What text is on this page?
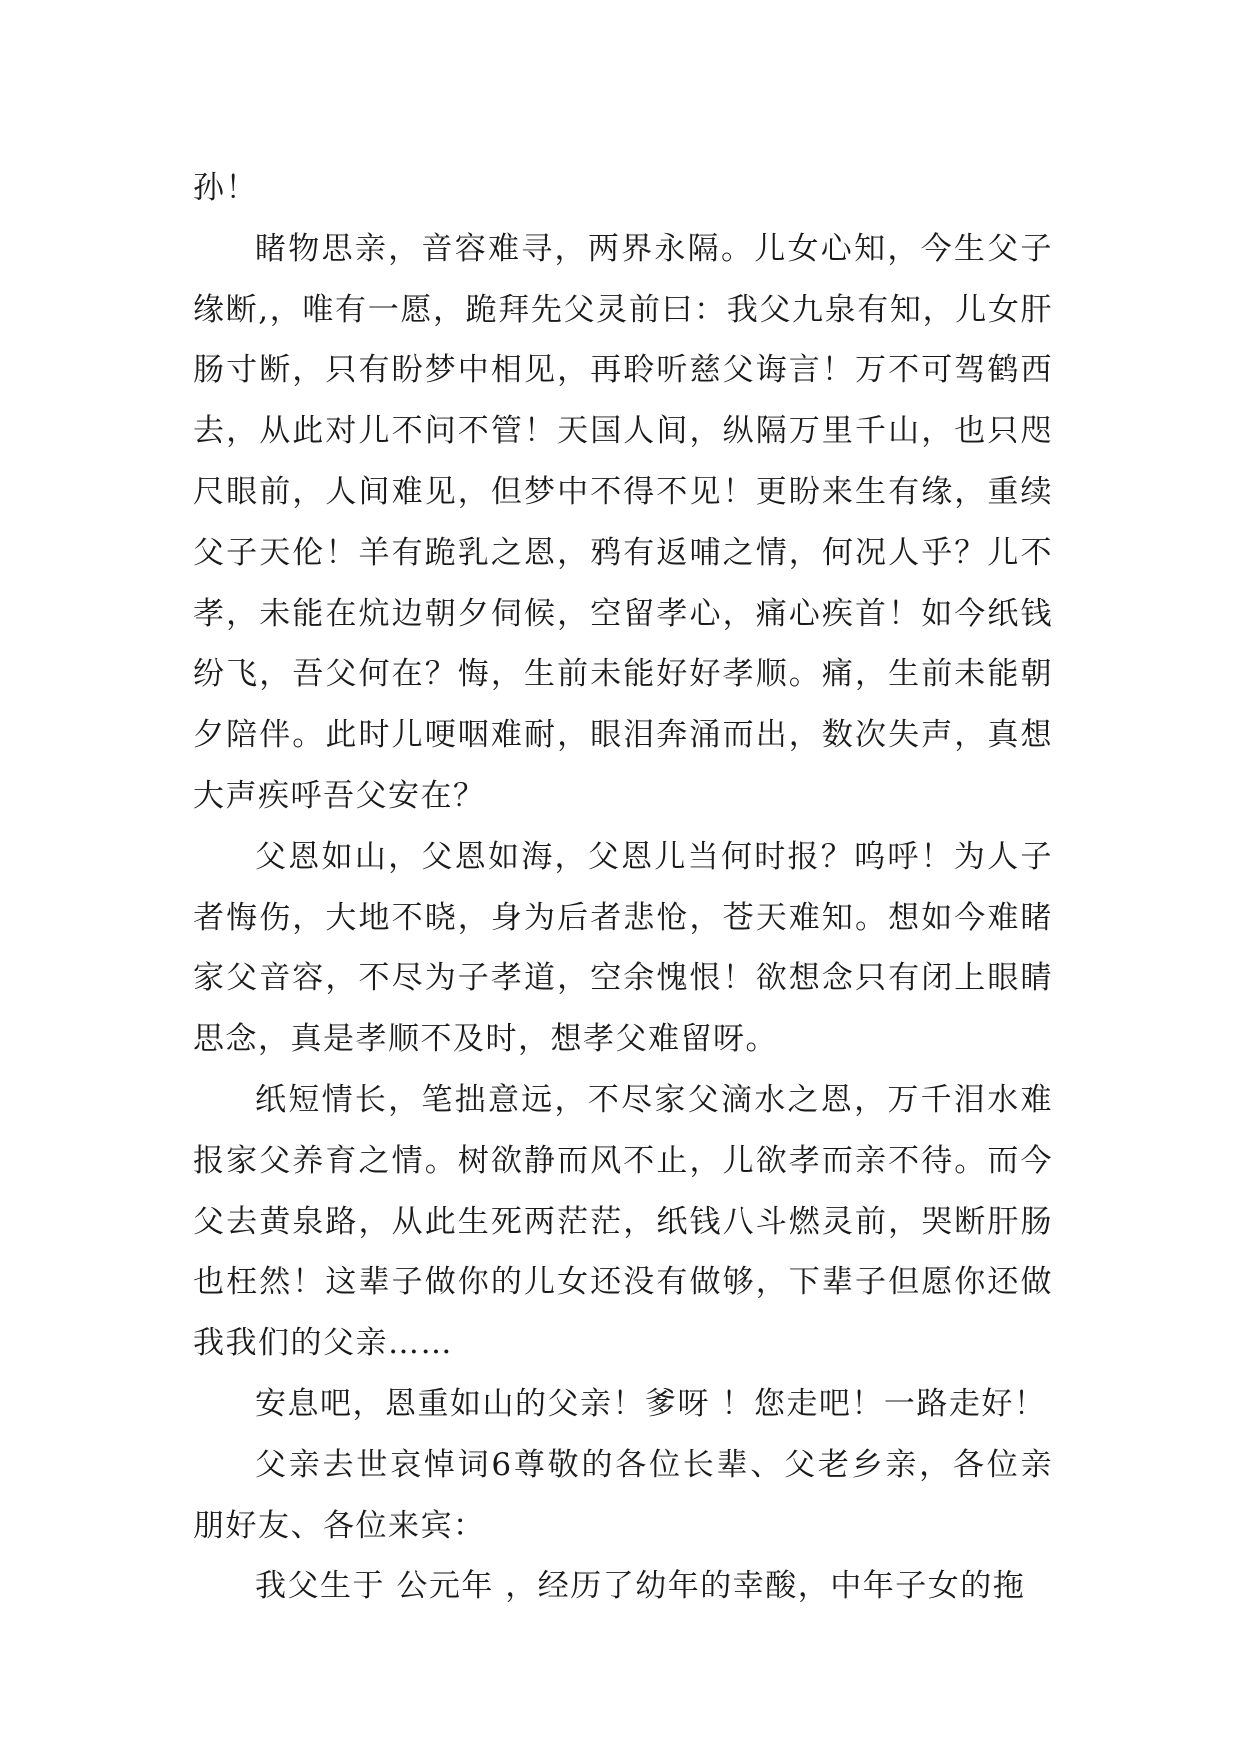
孙！

睹物思亲，音容难寻，两界永隔。儿女心知，今生父子缘断,，唯有一愿，跪拜先父灵前曰：我父九泉有知，儿女肝肠寸断，只有盼梦中相见，再聆听慈父诲言！万不可驾鹤西去，从此对儿不问不管！天国人间，纵隔万里千山，也只咫尺眼前，人间难见，但梦中不得不见！更盼来生有缘，重续父子天伦！羊有跪乳之恩，鸦有返哺之情，何况人乎？儿不孝，未能在炕边朝夕伺候，空留孝心，痛心疾首！如今纸钱纷飞，吾父何在？悔，生前未能好好孝顺。痛，生前未能朝夕陪伴。此时儿哽咽难耐，眼泪奔涌而出，数次失声，真想大声疾呼吾父安在？

父恩如山，父恩如海，父恩儿当何时报？呜呼！为人子者悔伤，大地不晓，身为后者悲怆，苍天难知。想如今难睹家父音容，不尽为子孝道，空余愧恨！欲想念只有闭上眼睛思念，真是孝顺不及时，想孝父难留呀。

纸短情长，笔拙意远，不尽家父滴水之恩，万千泪水难报家父养育之情。树欲静而风不止，儿欲孝而亲不待。而今父去黄泉路，从此生死两茫茫，纸钱八斗燃灵前，哭断肝肠也枉然！这辈子做你的儿女还没有做够，下辈子但愿你还做我我们的父亲……

安息吧，恩重如山的父亲！爹呀 ！您走吧！一路走好！

父亲去世哀悼词6尊敬的各位长辈、父老乡亲，各位亲朋好友、各位来宾：

我父生于 公元年 ，经历了幼年的幸酸，中年子女的拖
